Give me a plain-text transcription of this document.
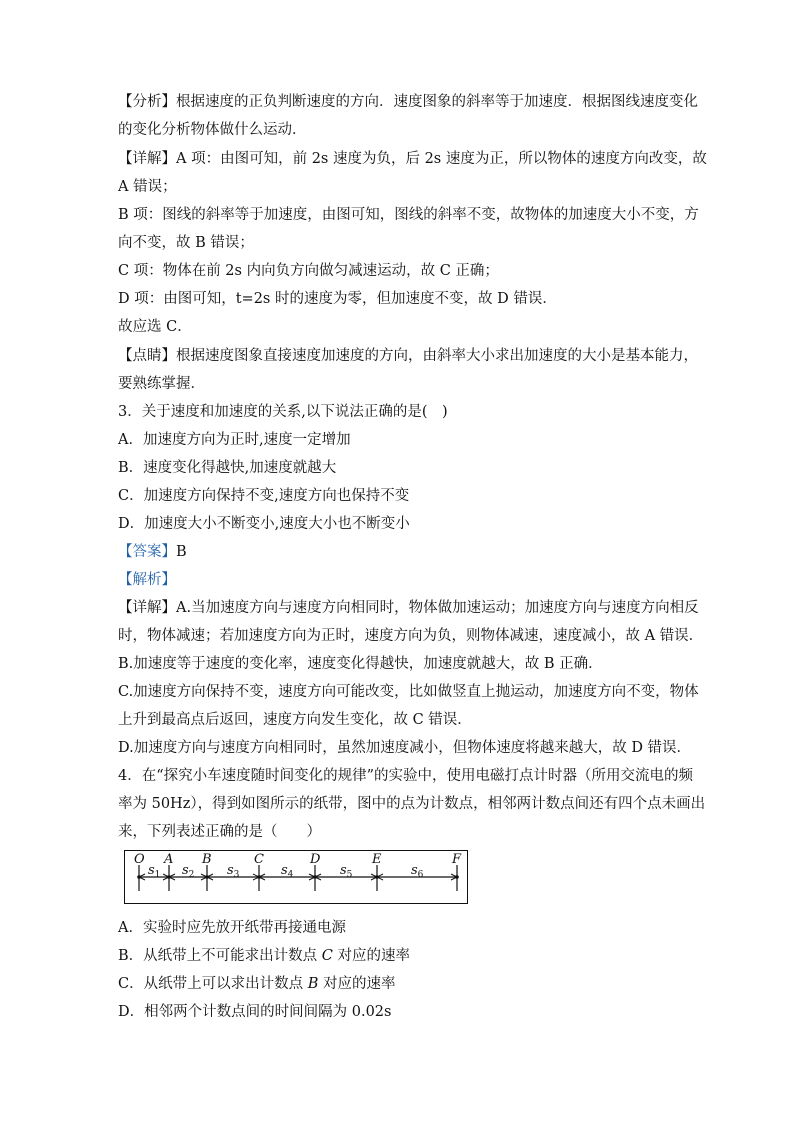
【分析】根据速度的正负判断速度的方向．速度图象的斜率等于加速度．根据图线速度变化
的变化分析物体做什么运动．
【详解】A 项：由图可知，前 2s 速度为负，后 2s 速度为正，所以物体的速度方向改变，故
A 错误；
B 项：图线的斜率等于加速度，由图可知，图线的斜率不变，故物体的加速度大小不变，方
向不变，故 B 错误；
C 项：物体在前 2s 内向负方向做匀减速运动，故 C 正确；
D 项：由图可知，t=2s 时的速度为零，但加速度不变，故 D 错误．
故应选 C．
【点睛】根据速度图象直接速度加速度的方向，由斜率大小求出加速度的大小是基本能力，
要熟练掌握．
3．关于速度和加速度的关系,以下说法正确的是(　)
A．加速度方向为正时,速度一定增加
B．速度变化得越快,加速度就越大
C．加速度方向保持不变,速度方向也保持不变
D．加速度大小不断变小,速度大小也不断变小
【答案】B
【解析】
【详解】A.当加速度方向与速度方向相同时，物体做加速运动；加速度方向与速度方向相反
时，物体减速；若加速度方向为正时，速度方向为负，则物体减速，速度减小，故 A 错误．
B.加速度等于速度的变化率，速度变化得越快，加速度就越大，故 B 正确．
C.加速度方向保持不变，速度方向可能改变，比如做竖直上抛运动，加速度方向不变，物体
上升到最高点后返回，速度方向发生变化，故 C 错误．
D.加速度方向与速度方向相同时，虽然加速度减小，但物体速度将越来越大，故 D 错误．
4．在“探究小车速度随时间变化的规律”的实验中，使用电磁打点计时器（所用交流电的频
率为 50Hz），得到如图所示的纸带，图中的点为计数点，相邻两计数点间还有四个点未画出
来，下列表述正确的是（　　）
O A B	C	D	E	F
$s_1$ $s_2$	$s_3$	$s_4$	$s_5$	$s_6$
A．实验时应先放开纸带再接通电源
B．从纸带上不可能求出计数点 C 对应的速率
C．从纸带上可以求出计数点 B 对应的速率
D．相邻两个计数点间的时间间隔为 0.02s
